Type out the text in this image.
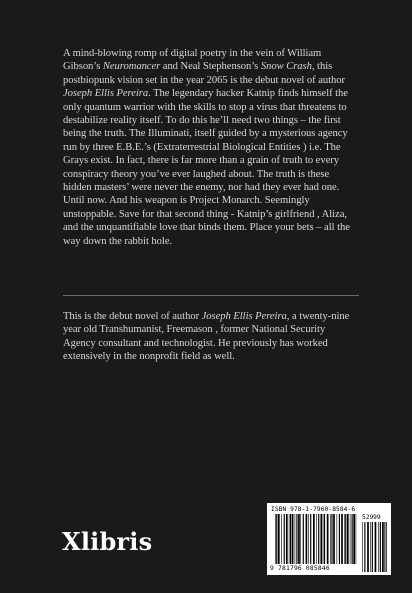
A mind-blowing romp of digital poetry in the vein of William Gibson’s Neuromancer and Neal Stephenson’s Snow Crash, this postbiopunk vision set in the year 2065 is the debut novel of author Joseph Ellis Pereira. The legendary hacker Katnip finds himself the only quantum warrior with the skills to stop a virus that threatens to destabilize reality itself. To do this he’ll need two things – the first being the truth. The Illuminati, itself guided by a mysterious agency run by three E.B.E.’s (Extraterrestrial Biological Entities ) i.e. The Grays exist. In fact, there is far more than a grain of truth to every conspiracy theory you’ve ever laughed about. The truth is these hidden masters’ were never the enemy, nor had they ever had one. Until now. And his weapon is Project Monarch. Seemingly unstoppable. Save for that second thing - Katnip’s girlfriend , Aliza, and the unquantifiable love that binds them. Place your bets – all the way down the rabbit hole.
This is the debut novel of author Joseph Ellis Pereira, a twenty-nine year old Transhumanist, Freemason , former National Security Agency consultant and technologist. He previously has worked extensively in the nonprofit field as well.
Xlibris
ISBN 978-1-7960-8584-6
52999
9 781796 085846
